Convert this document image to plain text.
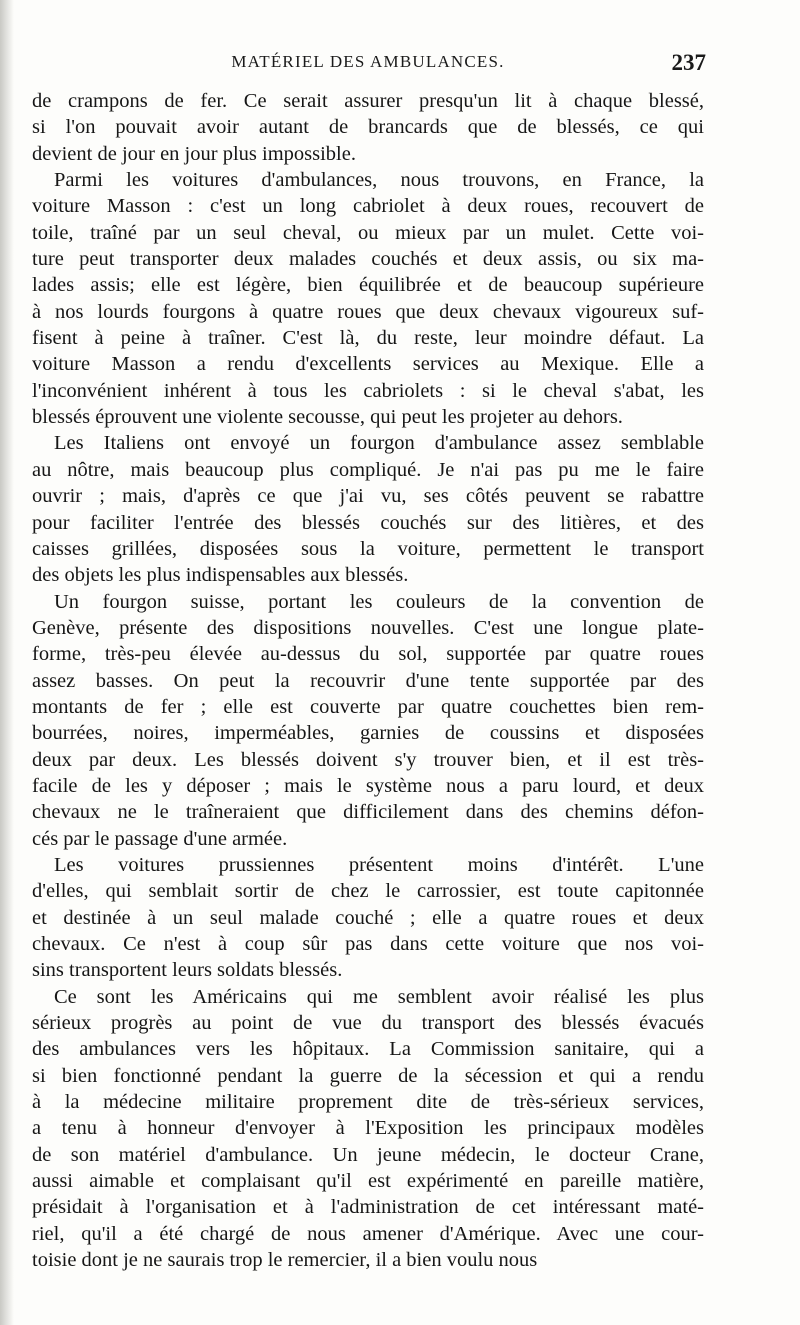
MATÉRIEL DES AMBULANCES.	237
de crampons de fer. Ce serait assurer presqu'un lit à chaque blessé,
si l'on pouvait avoir autant de brancards que de blessés, ce qui
devient de jour en jour plus impossible.
Parmi les voitures d'ambulances, nous trouvons, en France, la
voiture Masson : c'est un long cabriolet à deux roues, recouvert de
toile, traîné par un seul cheval, ou mieux par un mulet. Cette voi-
ture peut transporter deux malades couchés et deux assis, ou six ma-
lades assis; elle est légère, bien équilibrée et de beaucoup supérieure
à nos lourds fourgons à quatre roues que deux chevaux vigoureux suf-
fisent à peine à traîner. C'est là, du reste, leur moindre défaut. La
voiture Masson a rendu d'excellents services au Mexique. Elle a
l'inconvénient inhérent à tous les cabriolets : si le cheval s'abat, les
blessés éprouvent une violente secousse, qui peut les projeter au dehors.
Les Italiens ont envoyé un fourgon d'ambulance assez semblable
au nôtre, mais beaucoup plus compliqué. Je n'ai pas pu me le faire
ouvrir ; mais, d'après ce que j'ai vu, ses côtés peuvent se rabattre
pour faciliter l'entrée des blessés couchés sur des litières, et des
caisses grillées, disposées sous la voiture, permettent le transport
des objets les plus indispensables aux blessés.
Un fourgon suisse, portant les couleurs de la convention de
Genève, présente des dispositions nouvelles. C'est une longue plate-
forme, très-peu élevée au-dessus du sol, supportée par quatre roues
assez basses. On peut la recouvrir d'une tente supportée par des
montants de fer ; elle est couverte par quatre couchettes bien rem-
bourrées, noires, imperméables, garnies de coussins et disposées
deux par deux. Les blessés doivent s'y trouver bien, et il est très-
facile de les y déposer ; mais le système nous a paru lourd, et deux
chevaux ne le traîneraient que difficilement dans des chemins défon-
cés par le passage d'une armée.
Les voitures prussiennes présentent moins d'intérêt. L'une
d'elles, qui semblait sortir de chez le carrossier, est toute capitonnée
et destinée à un seul malade couché ; elle a quatre roues et deux
chevaux. Ce n'est à coup sûr pas dans cette voiture que nos voi-
sins transportent leurs soldats blessés.
Ce sont les Américains qui me semblent avoir réalisé les plus
sérieux progrès au point de vue du transport des blessés évacués
des ambulances vers les hôpitaux. La Commission sanitaire, qui a
si bien fonctionné pendant la guerre de la sécession et qui a rendu
à la médecine militaire proprement dite de très-sérieux services,
a tenu à honneur d'envoyer à l'Exposition les principaux modèles
de son matériel d'ambulance. Un jeune médecin, le docteur Crane,
aussi aimable et complaisant qu'il est expérimenté en pareille matière,
présidait à l'organisation et à l'administration de cet intéressant maté-
riel, qu'il a été chargé de nous amener d'Amérique. Avec une cour-
toisie dont je ne saurais trop le remercier, il a bien voulu nous
